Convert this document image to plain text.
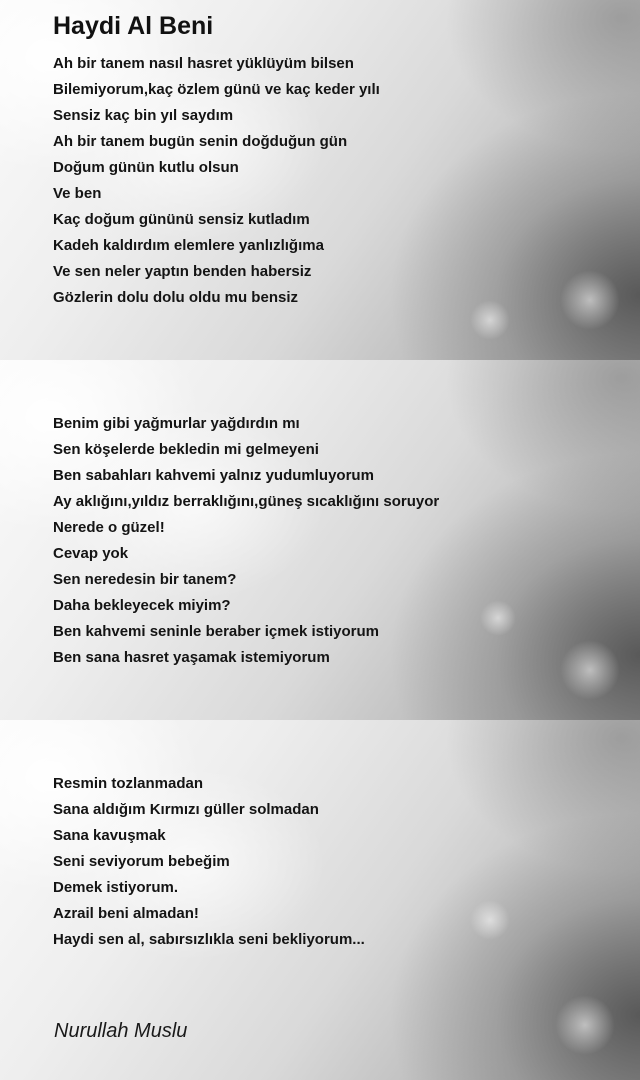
Haydi Al Beni
Ah bir tanem nasıl hasret yüklüyüm bilsen
Bilemiyorum,kaç özlem günü ve kaç keder yılı
Sensiz kaç bin yıl saydım
Ah bir tanem bugün senin doğduğun gün
Doğum günün kutlu olsun
Ve ben
Kaç doğum gününü sensiz kutladım
Kadeh kaldırdım elemlere yanlızlığıma
Ve sen neler yaptın benden habersiz
Gözlerin dolu dolu oldu mu bensiz
Benim gibi yağmurlar yağdırdın mı
Sen köşelerde bekledin mi gelmeyeni
Ben sabahları kahvemi yalnız yudumluyorum
Ay aklığını,yıldız berraklığını,güneş sıcaklığını soruyor
Nerede o güzel!
Cevap yok
Sen neredesin bir tanem?
Daha bekleyecek miyim?
Ben kahvemi seninle beraber içmek istiyorum
Ben sana hasret yaşamak istemiyorum
Resmin tozlanmadan
Sana aldığım Kırmızı güller solmadan
Sana kavuşmak
Seni seviyorum bebeğim
Demek istiyorum.
Azrail beni almadan!
Haydi sen al, sabırsızlıkla seni bekliyorum...

Nurullah Muslu
